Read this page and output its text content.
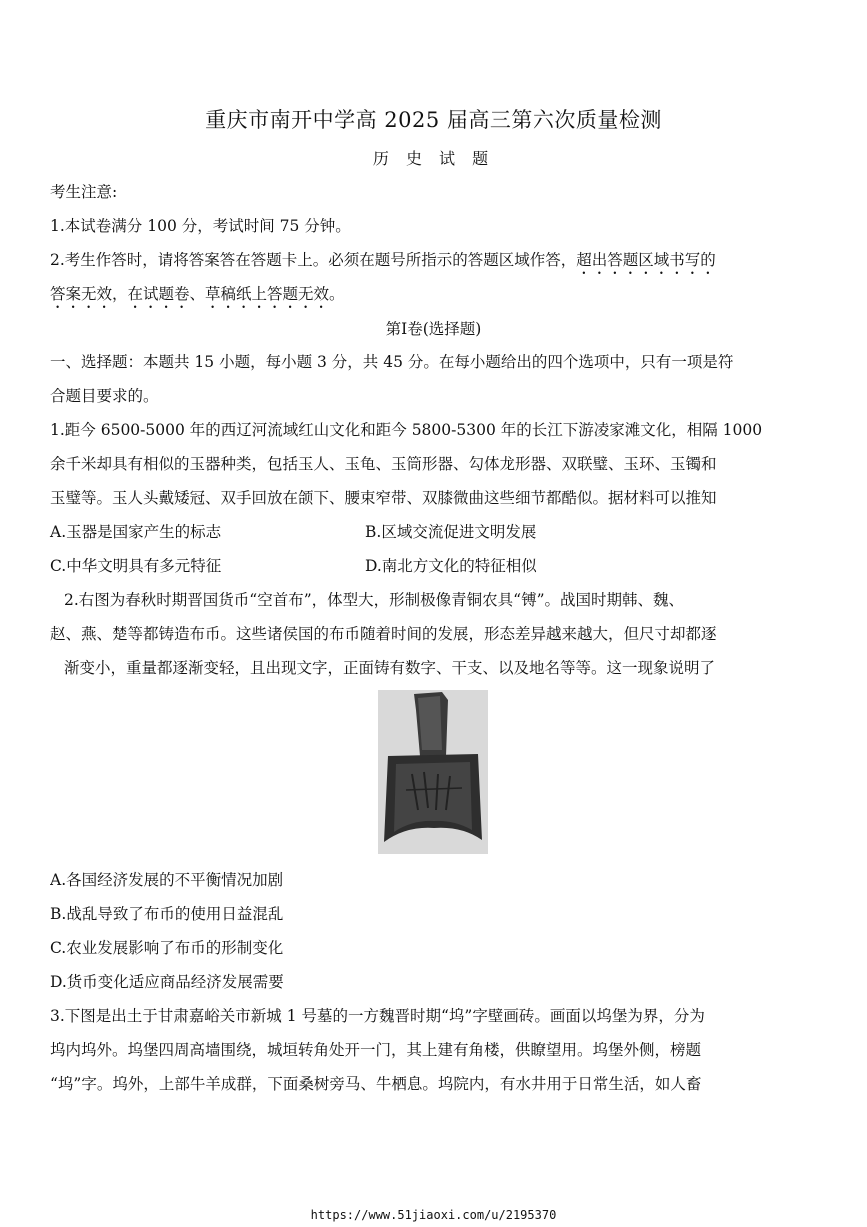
重庆市南开中学高 2025 届高三第六次质量检测
历 史 试 题
考生注意:
1.本试卷满分 100 分，考试时间 75 分钟。
2.考生作答时，请将答案答在答题卡上。必须在题号所指示的答题区域作答，超出答题区域书写的
答案无效，在试题卷、草稿纸上答题无效。
第Ⅰ卷(选择题)
一、选择题：本题共 15 小题，每小题 3 分，共 45 分。在每小题给出的四个选项中，只有一项是符
合题目要求的。
1.距今 6500-5000 年的西辽河流域红山文化和距今 5800-5300 年的长江下游凌家滩文化，相隔 1000
余千米却具有相似的玉器种类，包括玉人、玉龟、玉筒形器、勾体龙形器、双联璧、玉环、玉镯和
玉璧等。玉人头戴矮冠、双手回放在颌下、腰束窄带、双膝微曲这些细节都酷似。据材料可以推知
A.玉器是国家产生的标志	B.区域交流促进文明发展
C.中华文明具有多元特征	D.南北方文化的特征相似
2.右图为春秋时期晋国货币“空首布”，体型大，形制极像青铜农具“镈”。战国时期韩、魏、
赵、燕、楚等都铸造布币。这些诸侯国的布币随着时间的发展，形态差异越来越大，但尺寸却都逐
渐变小，重量都逐渐变轻，且出现文字，正面铸有数字、干支、以及地名等等。这一现象说明了
A.各国经济发展的不平衡情况加剧
B.战乱导致了布币的使用日益混乱
C.农业发展影响了布币的形制变化
D.货币变化适应商品经济发展需要
3.下图是出土于甘肃嘉峪关市新城 1 号墓的一方魏晋时期“坞”字壁画砖。画面以坞堡为界，分为
坞内坞外。坞堡四周高墙围绕，城垣转角处开一门，其上建有角楼，供瞭望用。坞堡外侧，榜题
“坞”字。坞外，上部牛羊成群，下面桑树旁马、牛栖息。坞院内，有水井用于日常生活，如人畜
https://www.51jiaoxi.com/u/2195370
